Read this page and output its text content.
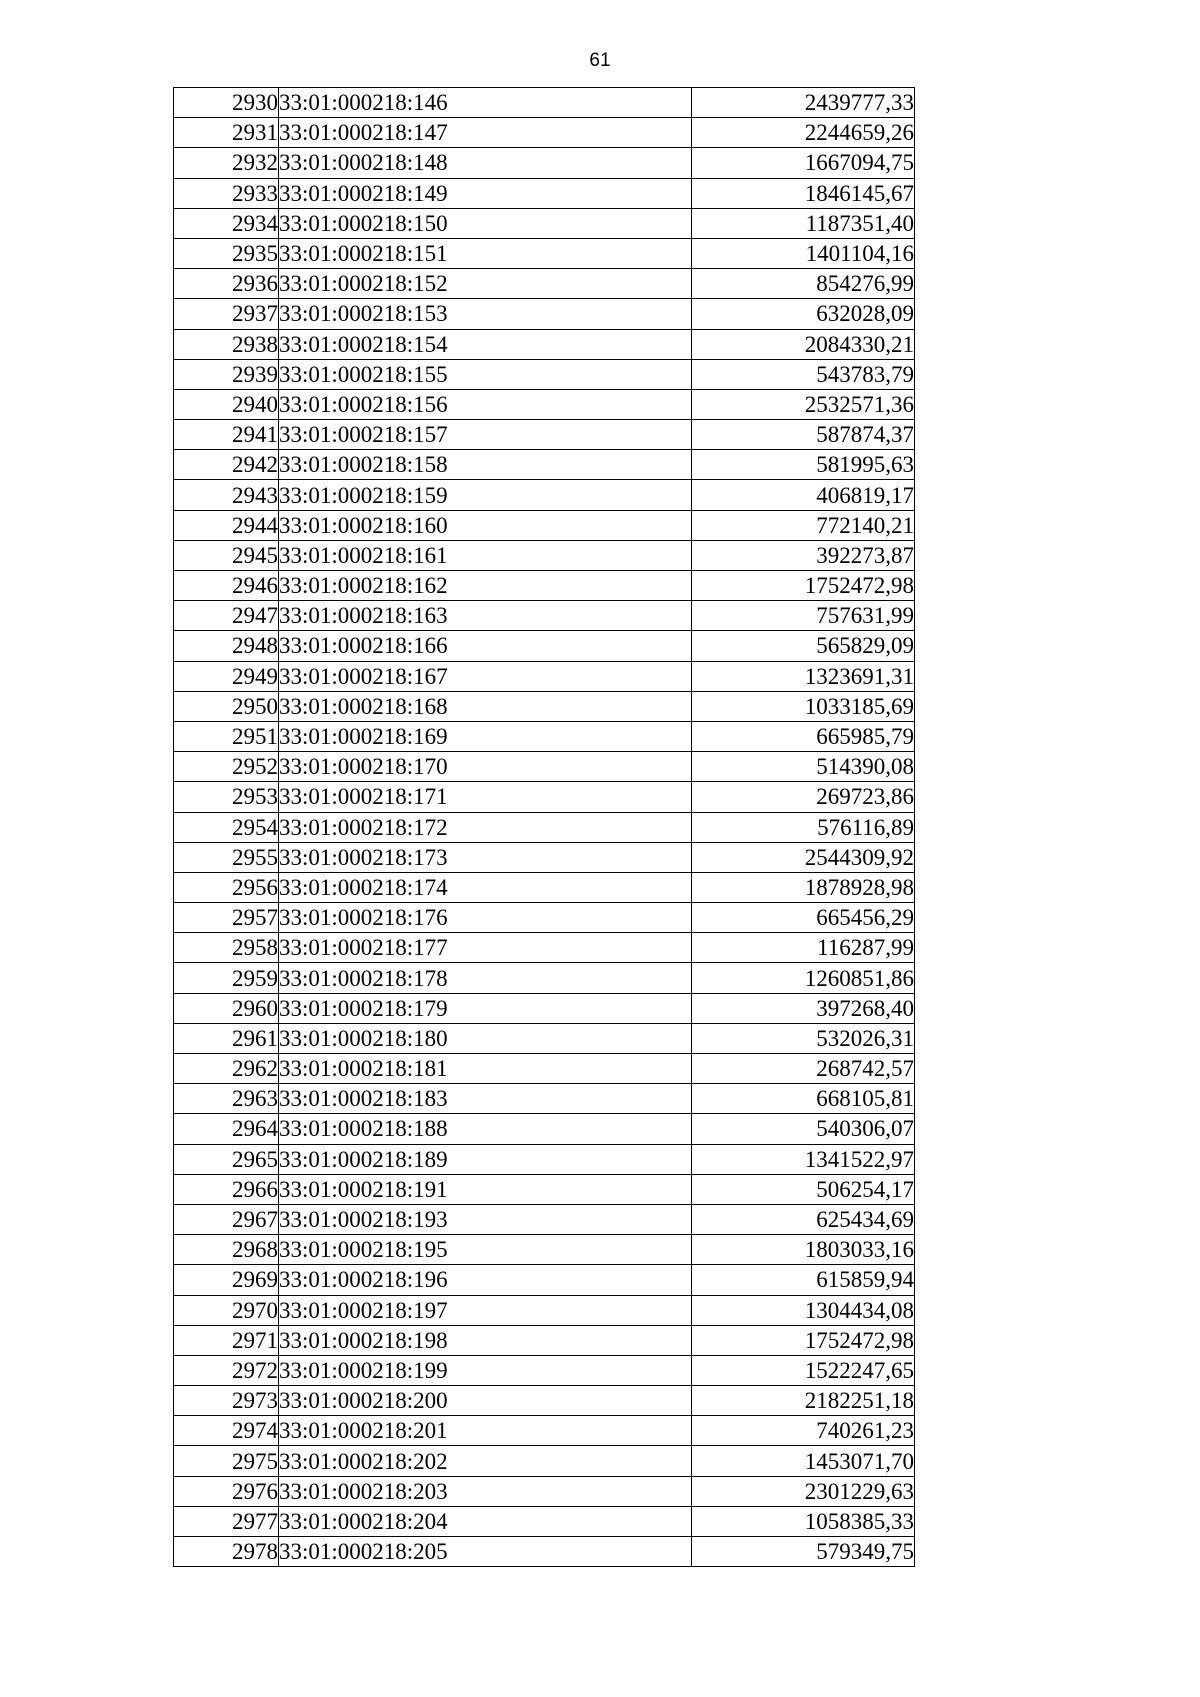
61
2930	33:01:000218:146	2439777,33
2931	33:01:000218:147	2244659,26
2932	33:01:000218:148	1667094,75
2933	33:01:000218:149	1846145,67
2934	33:01:000218:150	1187351,40
2935	33:01:000218:151	1401104,16
2936	33:01:000218:152	854276,99
2937	33:01:000218:153	632028,09
2938	33:01:000218:154	2084330,21
2939	33:01:000218:155	543783,79
2940	33:01:000218:156	2532571,36
2941	33:01:000218:157	587874,37
2942	33:01:000218:158	581995,63
2943	33:01:000218:159	406819,17
2944	33:01:000218:160	772140,21
2945	33:01:000218:161	392273,87
2946	33:01:000218:162	1752472,98
2947	33:01:000218:163	757631,99
2948	33:01:000218:166	565829,09
2949	33:01:000218:167	1323691,31
2950	33:01:000218:168	1033185,69
2951	33:01:000218:169	665985,79
2952	33:01:000218:170	514390,08
2953	33:01:000218:171	269723,86
2954	33:01:000218:172	576116,89
2955	33:01:000218:173	2544309,92
2956	33:01:000218:174	1878928,98
2957	33:01:000218:176	665456,29
2958	33:01:000218:177	116287,99
2959	33:01:000218:178	1260851,86
2960	33:01:000218:179	397268,40
2961	33:01:000218:180	532026,31
2962	33:01:000218:181	268742,57
2963	33:01:000218:183	668105,81
2964	33:01:000218:188	540306,07
2965	33:01:000218:189	1341522,97
2966	33:01:000218:191	506254,17
2967	33:01:000218:193	625434,69
2968	33:01:000218:195	1803033,16
2969	33:01:000218:196	615859,94
2970	33:01:000218:197	1304434,08
2971	33:01:000218:198	1752472,98
2972	33:01:000218:199	1522247,65
2973	33:01:000218:200	2182251,18
2974	33:01:000218:201	740261,23
2975	33:01:000218:202	1453071,70
2976	33:01:000218:203	2301229,63
2977	33:01:000218:204	1058385,33
2978	33:01:000218:205	579349,75
